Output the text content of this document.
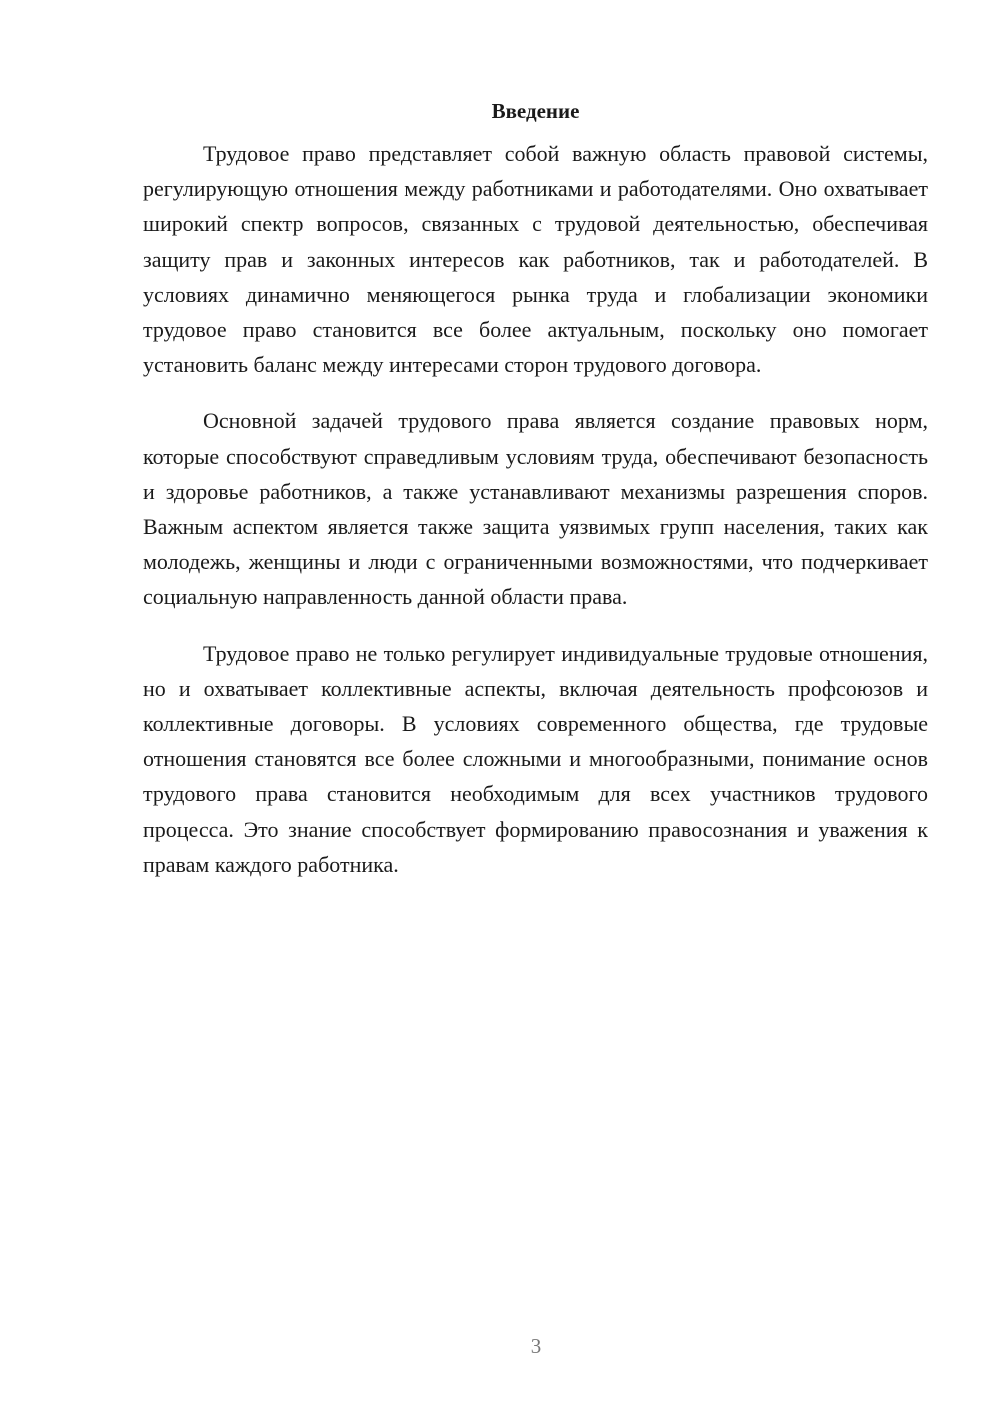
Введение

Трудовое право представляет собой важную область правовой системы, регулирующую отношения между работниками и работодателями. Оно охватывает широкий спектр вопросов, связанных с трудовой деятельностью, обеспечивая защиту прав и законных интересов как работников, так и работодателей. В условиях динамично меняющегося рынка труда и глобализации экономики трудовое право становится все более актуальным, поскольку оно помогает установить баланс между интересами сторон трудового договора.

Основной задачей трудового права является создание правовых норм, которые способствуют справедливым условиям труда, обеспечивают безопасность и здоровье работников, а также устанавливают механизмы разрешения споров. Важным аспектом является также защита уязвимых групп населения, таких как молодежь, женщины и люди с ограниченными возможностями, что подчеркивает социальную направленность данной области права.

Трудовое право не только регулирует индивидуальные трудовые отношения, но и охватывает коллективные аспекты, включая деятельность профсоюзов и коллективные договоры. В условиях современного общества, где трудовые отношения становятся все более сложными и многообразными, понимание основ трудового права становится необходимым для всех участников трудового процесса. Это знание способствует формированию правосознания и уважения к правам каждого работника.

3
